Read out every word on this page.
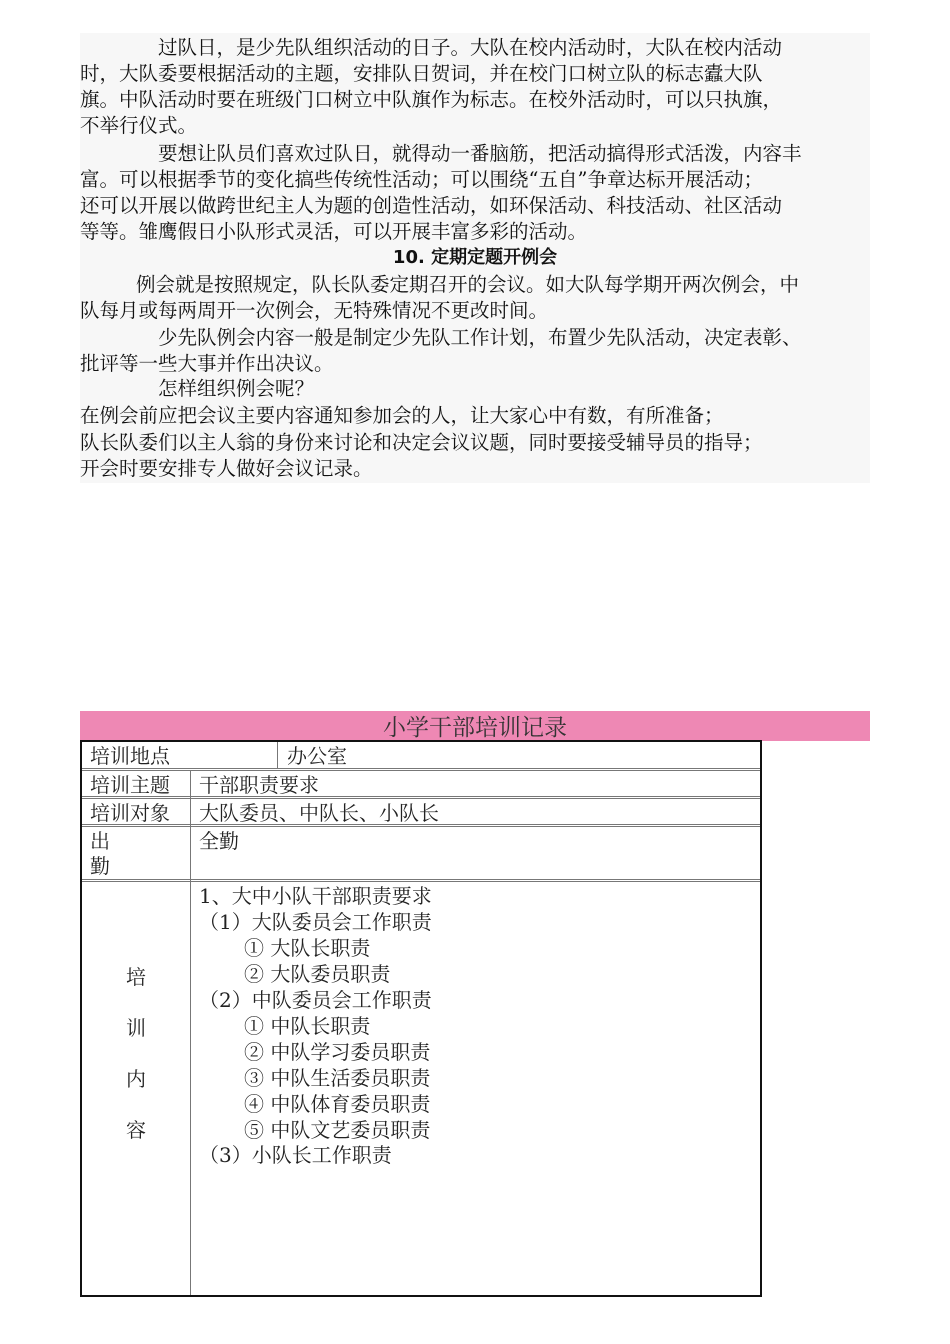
过队日，是少先队组织活动的日子。大队在校内活动时，大队在校内活动
时，大队委要根据活动的主题，安排队日贺词，并在校门口树立队的标志蠹大队
旗。中队活动时要在班级门口树立中队旗作为标志。在校外活动时，可以只执旗，
不举行仪式。
要想让队员们喜欢过队日，就得动一番脑筋，把活动搞得形式活泼，内容丰
富。可以根据季节的变化搞些传统性活动；可以围绕“五自”争章达标开展活动；
还可以开展以做跨世纪主人为题的创造性活动，如环保活动、科技活动、社区活动
等等。雏鹰假日小队形式灵活，可以开展丰富多彩的活动。
10. 定期定题开例会
例会就是按照规定，队长队委定期召开的会议。如大队每学期开两次例会，中
队每月或每两周开一次例会，无特殊情况不更改时间。
少先队例会内容一般是制定少先队工作计划，布置少先队活动，决定表彰、
批评等一些大事并作出决议。
怎样组织例会呢？
在例会前应把会议主要内容通知参加会的人，让大家心中有数，有所准备；
队长队委们以主人翁的身份来讨论和决定会议议题，同时要接受辅导员的指导；
开会时要安排专人做好会议记录。
小学干部培训记录
培训地点	办公室
培训主题 干部职责要求
培训对象 大队委员、中队长、小队长
出
勤
全勤
培
训
内
容
1、大中小队干部职责要求
（1）大队委员会工作职责
① 大队长职责
② 大队委员职责
（2）中队委员会工作职责
① 中队长职责
② 中队学习委员职责
③ 中队生活委员职责
④ 中队体育委员职责
⑤ 中队文艺委员职责
（3）小队长工作职责
